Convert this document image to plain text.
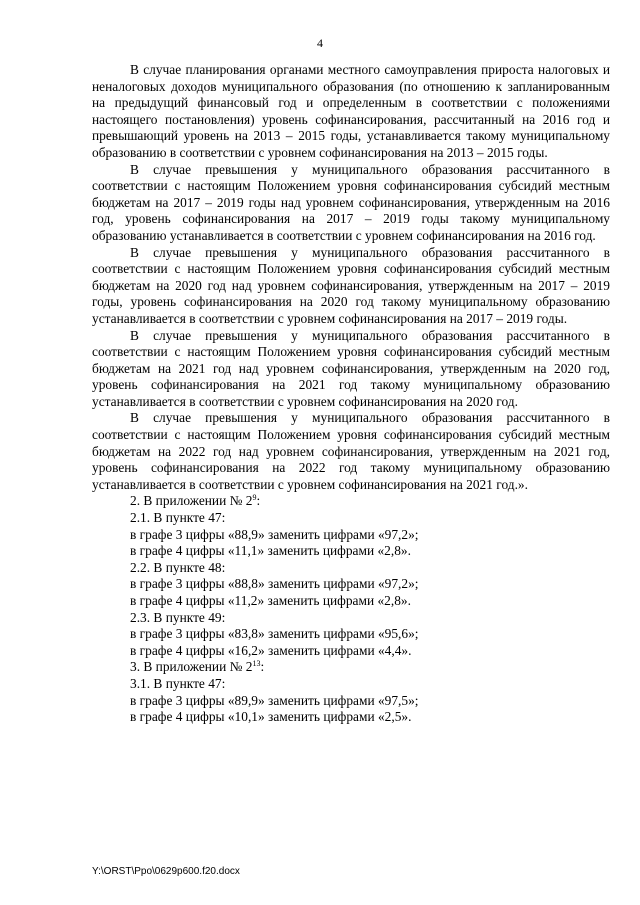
4

В случае планирования органами местного самоуправления прироста налоговых и неналоговых доходов муниципального образования (по отношению к запланированным на предыдущий финансовый год и определенным в соответствии с положениями настоящего постановления) уровень софинансирования, рассчитанный на 2016 год и превышающий уровень на 2013 – 2015 годы, устанавливается такому муниципальному образованию в соответствии с уровнем софинансирования на 2013 – 2015 годы.

В случае превышения у муниципального образования рассчитанного в соответствии с настоящим Положением уровня софинансирования субсидий местным бюджетам на 2017 – 2019 годы над уровнем софинансирования, утвержденным на 2016 год, уровень софинансирования на 2017 – 2019 годы такому муниципальному образованию устанавливается в соответствии с уровнем софинансирования на 2016 год.

В случае превышения у муниципального образования рассчитанного в соответствии с настоящим Положением уровня софинансирования субсидий местным бюджетам на 2020 год над уровнем софинансирования, утвержденным на 2017 – 2019 годы, уровень софинансирования на 2020 год такому муниципальному образованию устанавливается в соответствии с уровнем софинансирования на 2017 – 2019 годы.

В случае превышения у муниципального образования рассчитанного в соответствии с настоящим Положением уровня софинансирования субсидий местным бюджетам на 2021 год над уровнем софинансирования, утвержденным на 2020 год, уровень софинансирования на 2021 год такому муниципальному образованию устанавливается в соответствии с уровнем софинансирования на 2020 год.

В случае превышения у муниципального образования рассчитанного в соответствии с настоящим Положением уровня софинансирования субсидий местным бюджетам на 2022 год над уровнем софинансирования, утвержденным на 2021 год, уровень софинансирования на 2022 год такому муниципальному образованию устанавливается в соответствии с уровнем софинансирования на 2021 год.».

2. В приложении № $2^9$:

2.1. В пункте 47:

в графе 3 цифры «88,9» заменить цифрами «97,2»;

в графе 4 цифры «11,1» заменить цифрами «2,8».

2.2. В пункте 48:

в графе 3 цифры «88,8» заменить цифрами «97,2»;

в графе 4 цифры «11,2» заменить цифрами «2,8».

2.3. В пункте 49:

в графе 3 цифры «83,8» заменить цифрами «95,6»;

в графе 4 цифры «16,2» заменить цифрами «4,4».

3. В приложении № $2^{13}$:

3.1. В пункте 47:

в графе 3 цифры «89,9» заменить цифрами «97,5»;

в графе 4 цифры «10,1» заменить цифрами «2,5».

Y:\ORST\Ppo\0629p600.f20.docx
